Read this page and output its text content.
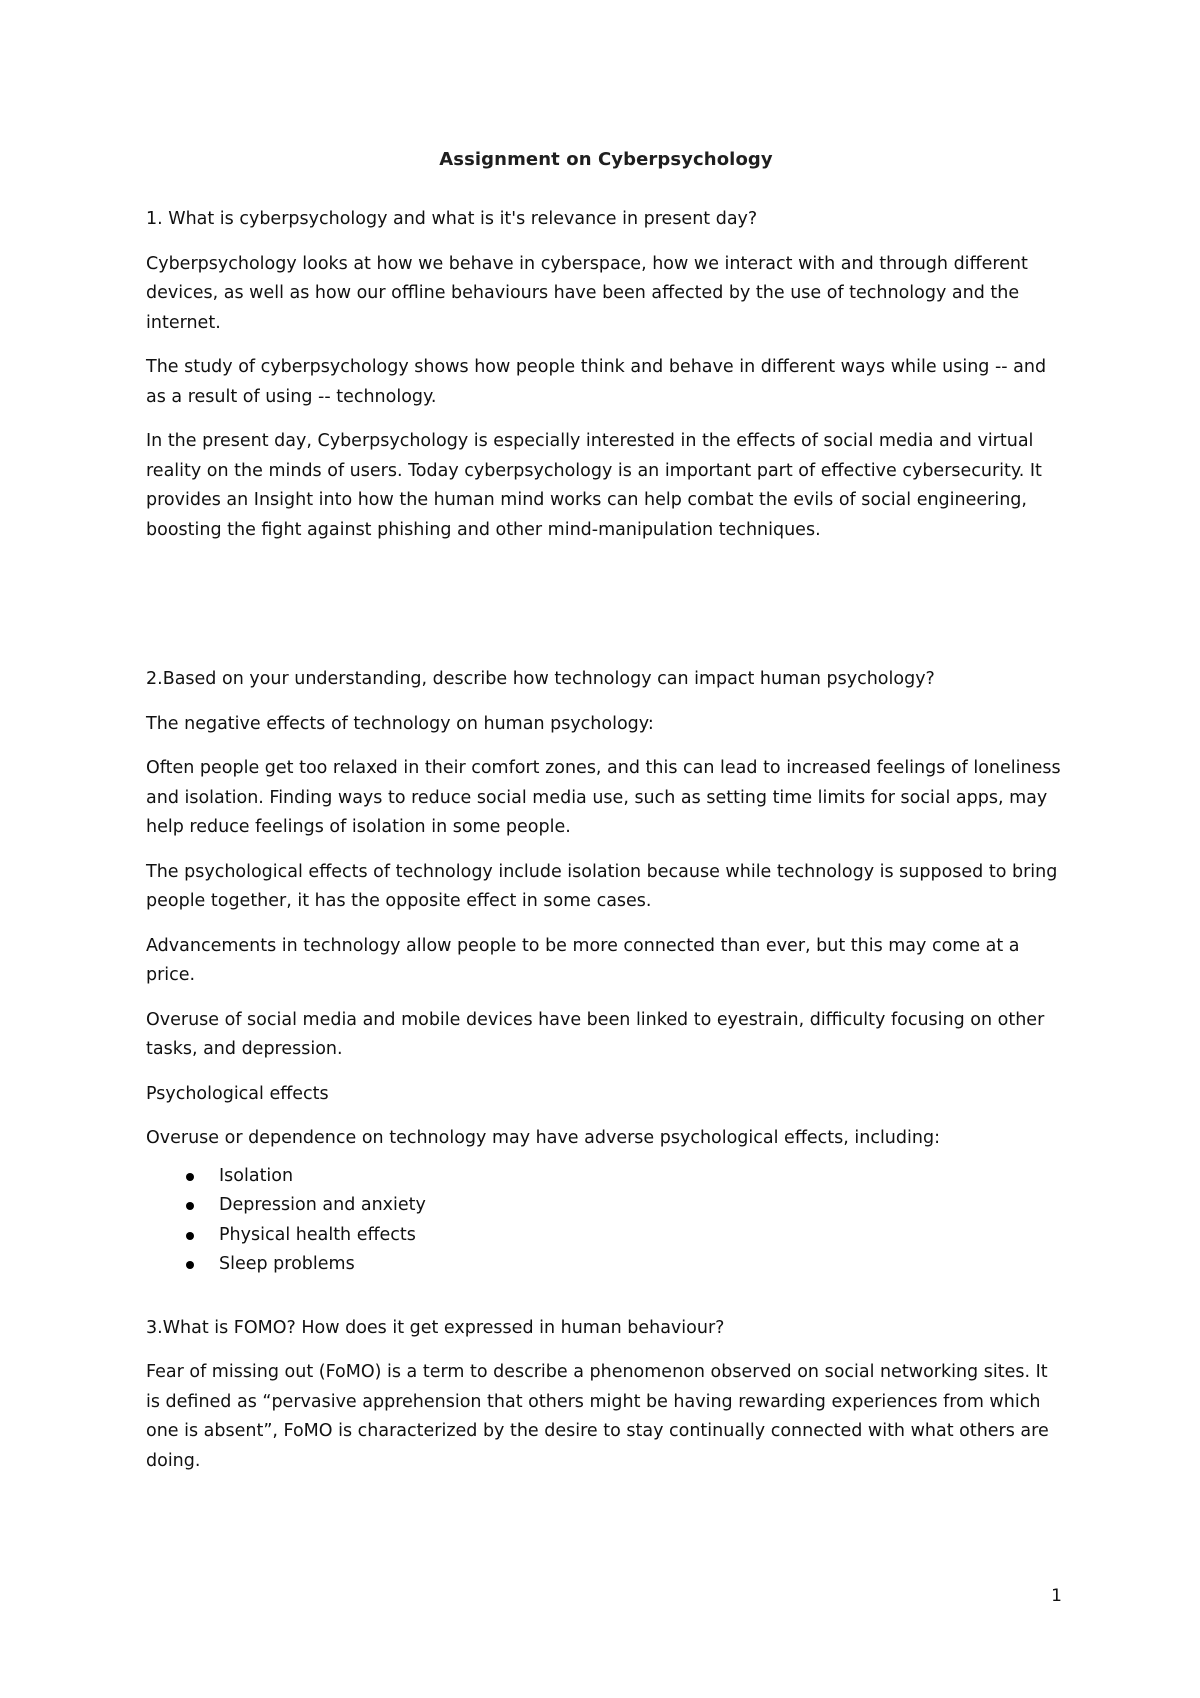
Assignment on Cyberpsychology

1. What is cyberpsychology and what is it's relevance in present day?

Cyberpsychology looks at how we behave in cyberspace, how we interact with and through different devices, as well as how our offline behaviours have been affected by the use of technology and the internet.

The study of cyberpsychology shows how people think and behave in different ways while using -- and as a result of using -- technology.

In the present day, Cyberpsychology is especially interested in the effects of social media and virtual reality on the minds of users. Today cyberpsychology is an important part of effective cybersecurity. It provides an Insight into how the human mind works can help combat the evils of social engineering, boosting the fight against phishing and other mind-manipulation techniques.

2.Based on your understanding, describe how technology can impact human psychology?

The negative effects of technology on human psychology:

Often people get too relaxed in their comfort zones, and this can lead to increased feelings of loneliness and isolation. Finding ways to reduce social media use, such as setting time limits for social apps, may help reduce feelings of isolation in some people.

The psychological effects of technology include isolation because while technology is supposed to bring people together, it has the opposite effect in some cases.

Advancements in technology allow people to be more connected than ever, but this may come at a price.

Overuse of social media and mobile devices have been linked to eyestrain, difficulty focusing on other tasks, and depression.

Psychological effects

Overuse or dependence on technology may have adverse psychological effects, including:

Isolation
Depression and anxiety
Physical health effects
Sleep problems

3.What is FOMO? How does it get expressed in human behaviour?

Fear of missing out (FoMO) is a term to describe a phenomenon observed on social networking sites. It is defined as “pervasive apprehension that others might be having rewarding experiences from which one is absent”, FoMO is characterized by the desire to stay continually connected with what others are doing.

1
